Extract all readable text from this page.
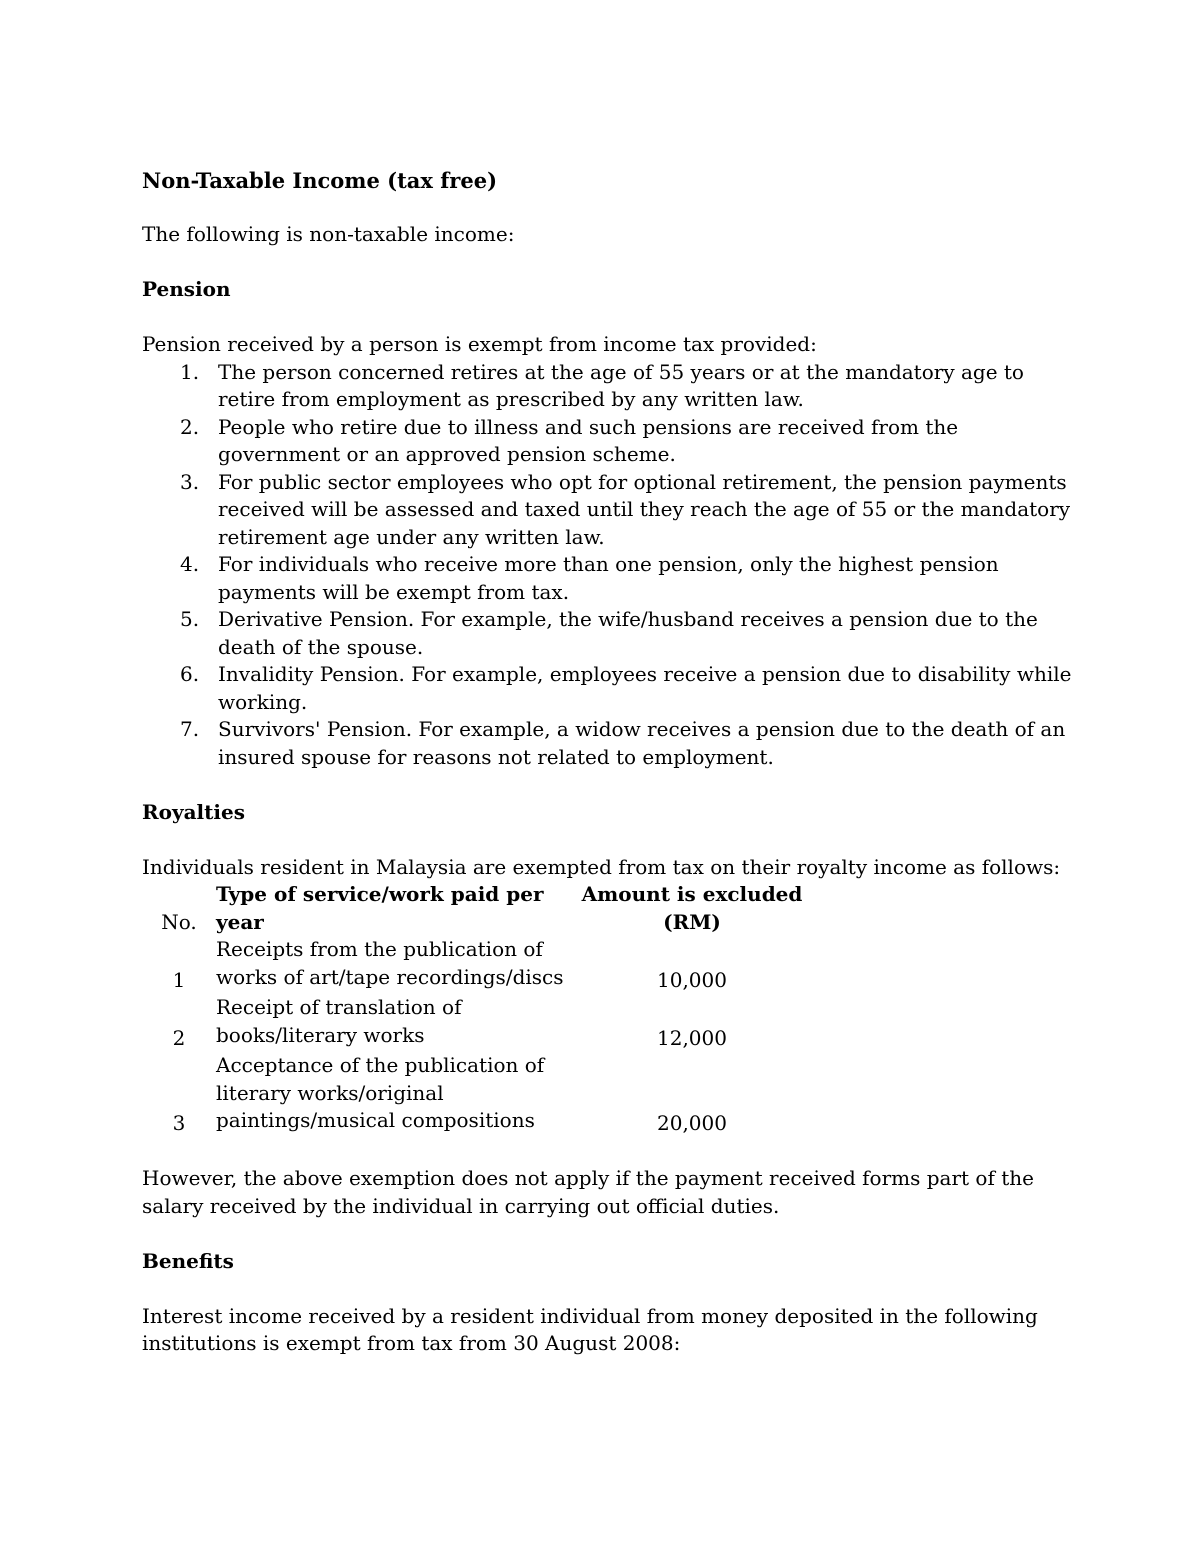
Non-Taxable Income (tax free)

The following is non-taxable income:

Pension

Pension received by a person is exempt from income tax provided:

1. The person concerned retires at the age of 55 years or at the mandatory age to retire from employment as prescribed by any written law.
2. People who retire due to illness and such pensions are received from the government or an approved pension scheme.
3. For public sector employees who opt for optional retirement, the pension payments received will be assessed and taxed until they reach the age of 55 or the mandatory retirement age under any written law.
4. For individuals who receive more than one pension, only the highest pension payments will be exempt from tax.
5. Derivative Pension. For example, the wife/husband receives a pension due to the death of the spouse.
6. Invalidity Pension. For example, employees receive a pension due to disability while working.
7. Survivors' Pension. For example, a widow receives a pension due to the death of an insured spouse for reasons not related to employment.
Royalties

Individuals resident in Malaysia are exempted from tax on their royalty income as follows:

No.	Type of service/work paid per year	Amount is excluded (RM)
1	Receipts from the publication of works of art/tape recordings/discs	10,000
2	Receipt of translation of books/literary works	12,000
3	Acceptance of the publication of literary works/original paintings/musical compositions	20,000

However, the above exemption does not apply if the payment received forms part of the salary received by the individual in carrying out official duties.

Benefits

Interest income received by a resident individual from money deposited in the following institutions is exempt from tax from 30 August 2008:
